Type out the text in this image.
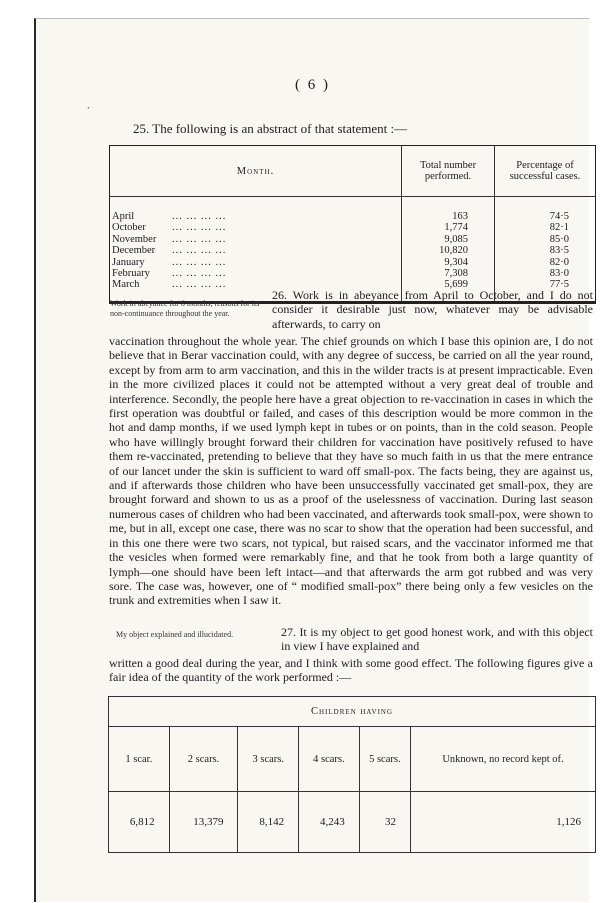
( 6 )
25. The following is an abstract of that statement :—
Month.	Total number performed.	Percentage of successful cases.
April ... ... ... ...	163	74·5
October ... ... ... ...	1,774	82·1
November ... ... ... ...	9,085	85·0
December ... ... ... ...	10,820	83·5
January ... ... ... ...	9,304	82·0
February ... ... ... ...	7,308	83·0
March ... ... ... ...	5,699	77·5
Work in abeyance for 6 months, reasons for its non-continuance throughout the year.
26. Work is in abeyance from April to October, and I do not consider it desirable just now, whatever may be advisable afterwards, to carry on
vaccination throughout the whole year. The chief grounds on which I base this opinion are, I do not believe that in Berar vaccination could, with any degree of success, be carried on all the year round, except by from arm to arm vaccination, and this in the wilder tracts is at present impracticable. Even in the more civilized places it could not be attempted without a very great deal of trouble and interference. Secondly, the people here have a great objection to re-vaccination in cases in which the first operation was doubtful or failed, and cases of this description would be more common in the hot and damp months, if we used lymph kept in tubes or on points, than in the cold season. People who have willingly brought forward their children for vaccination have positively refused to have them re-vaccinated, pretending to believe that they have so much faith in us that the mere entrance of our lancet under the skin is sufficient to ward off small-pox. The facts being, they are against us, and if afterwards those children who have been unsuccessfully vaccinated get small-pox, they are brought forward and shown to us as a proof of the uselessness of vaccination. During last season numerous cases of children who had been vaccinated, and afterwards took small-pox, were shown to me, but in all, except one case, there was no scar to show that the operation had been successful, and in this one there were two scars, not typical, but raised scars, and the vaccinator informed me that the vesicles when formed were remarkably fine, and that he took from both a large quantity of lymph—one should have been left intact—and that afterwards the arm got rubbed and was very sore. The case was, however, one of “ modified small-pox” there being only a few vesicles on the trunk and extremities when I saw it.
My object explained and illucidated.	27. It is my object to get good honest work, and with this object in view I have explained and
written a good deal during the year, and I think with some good effect. The following figures give a fair idea of the quantity of the work performed :—
Children having					
1 scar.	2 scars.	3 scars.	4 scars.	5 scars.	Unknown, no record kept of.
6,812	13,379	8,142	4,243	32	1,126
˙
